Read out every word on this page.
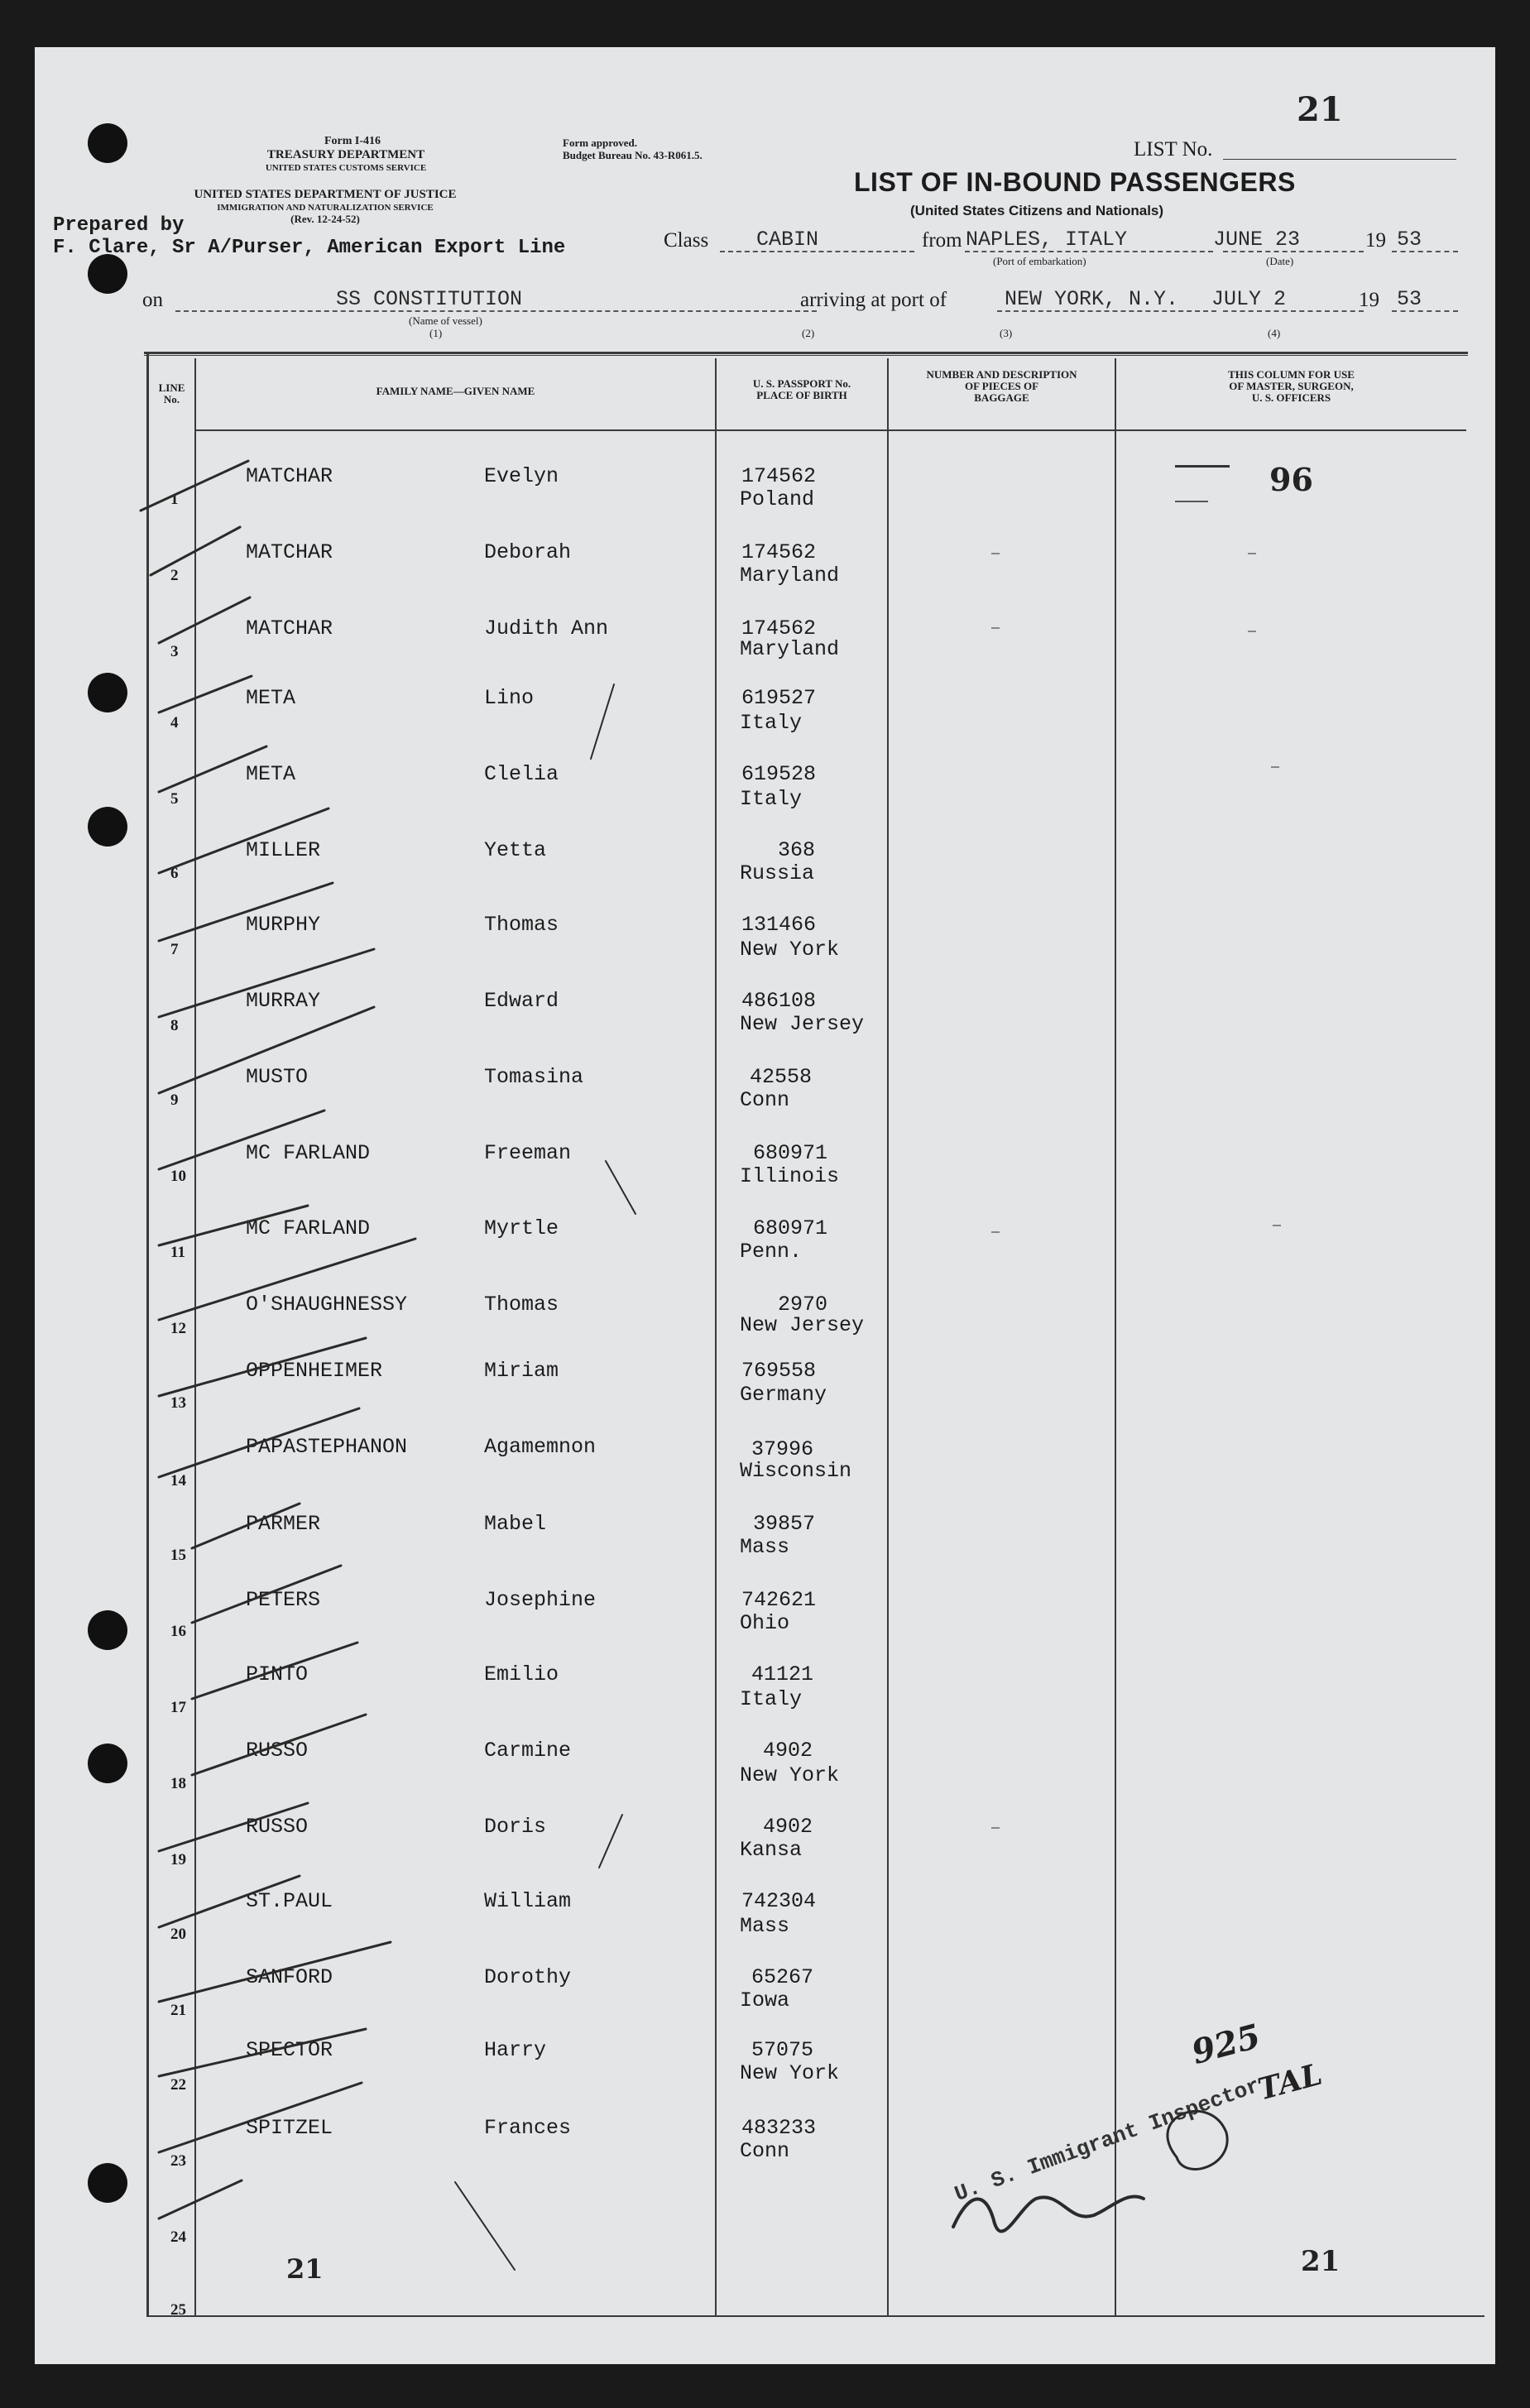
21
Form I-416
TREASURY DEPARTMENT
UNITED STATES CUSTOMS SERVICE
UNITED STATES DEPARTMENT OF JUSTICE
IMMIGRATION AND NATURALIZATION SERVICE
(Rev. 12-24-52)
Form approved.
Budget Bureau No. 43-R061.5.	LIST No.
LIST OF IN-BOUND PASSENGERS
(United States Citizens and Nationals)
Prepared by
F. Clare, Sr A/Purser, American Export Line	Class CABIN	from NAPLES, ITALY
(Port of embarkation)
JUNE 23
(Date)
19 53
on	SS CONSTITUTION
(Name of vessel)
(1)
arriving at port of
(2)
NEW YORK, N.Y.
(3)
JULY 2
(4)
19 53
LINE
No.
FAMILY NAME—GIVEN NAME
U. S. PASSPORT No.
PLACE OF BIRTH
NUMBER AND DESCRIPTION
OF PIECES OF
BAGGAGE
THIS COLUMN FOR USE
OF MASTER, SURGEON,
U. S. OFFICERS
1
MATCHAR	Evelyn	174562
Poland
2
MATCHAR	Deborah	174562
Maryland
3
MATCHAR	Judith Ann	174562
Maryland
4
META	Lino	619527
Italy
5
META	Clelia	619528
Italy
6
MILLER	Yetta	368
Russia
7
MURPHY	Thomas	131466
New York
8
MURRAY	Edward	486108
New Jersey
9
MUSTO	Tomasina	42558
Conn
10
MC FARLAND	Freeman	680971
Illinois
11
MC FARLAND	Myrtle	680971
Penn.
12
O'SHAUGHNESSY	Thomas	2970
New Jersey
13
OPPENHEIMER	Miriam	769558
Germany
14
PAPASTEPHANON	Agamemnon	37996
Wisconsin
15
PARMER	Mabel	39857
Mass
16
PETERS	Josephine	742621
Ohio
17
PINTO	Emilio	41121
Italy
18
RUSSO	Carmine	4902
New York
19
RUSSO	Doris	4902
Kansa
20
ST.PAUL	William	742304
Mass
21
SANFORD	Dorothy	65267
Iowa
22
SPECTOR	Harry	57075
New York
23
SPITZEL	Frances	483233
Conn
24
25
96
21	21
U. S. Immigrant Inspector
925
TAL
